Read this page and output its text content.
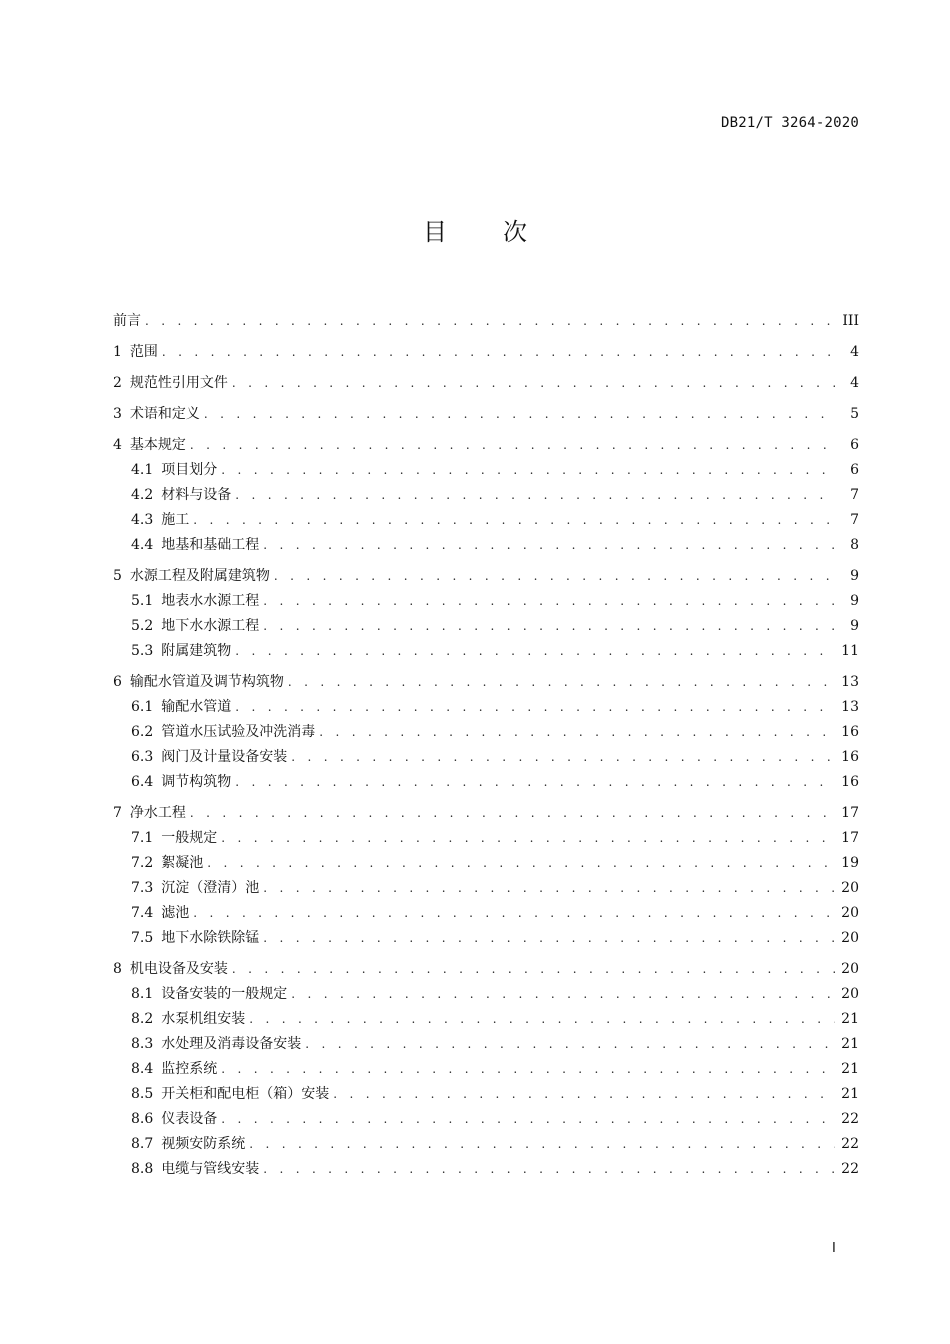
DB21/T 3264-2020
目次
前言 . . .	III
1 范围 . . .	4
2 规范性引用文件 . . .	4
3 术语和定义 . . .	5
4 基本规定 . . .	6
4.1 项目划分 . . .	6
4.2 材料与设备 . . .	7
4.3 施工 . . .	7
4.4 地基和基础工程 . . .	8
5 水源工程及附属建筑物 . . .	9
5.1 地表水水源工程 . . .	9
5.2 地下水水源工程 . . .	9
5.3 附属建筑物 . . .	11
6 输配水管道及调节构筑物 . . .	13
6.1 输配水管道 . . .	13
6.2 管道水压试验及冲洗消毒 . . .	16
6.3 阀门及计量设备安装 . . .	16
6.4 调节构筑物 . . .	16
7 净水工程 . . .	17
7.1 一般规定 . . .	17
7.2 絮凝池 . . .	19
7.3 沉淀（澄清）池 . . .	20
7.4 滤池 . . .	20
7.5 地下水除铁除锰 . . .	20
8 机电设备及安装 . . .	20
8.1 设备安装的一般规定 . . .	20
8.2 水泵机组安装 . . .	21
8.3 水处理及消毒设备安装 . . .	21
8.4 监控系统 . . .	21
8.5 开关柜和配电柜（箱）安装 . . .	21
8.6 仪表设备 . . .	22
8.7 视频安防系统 . . .	22
8.8 电缆与管线安装 . . .	22
I
